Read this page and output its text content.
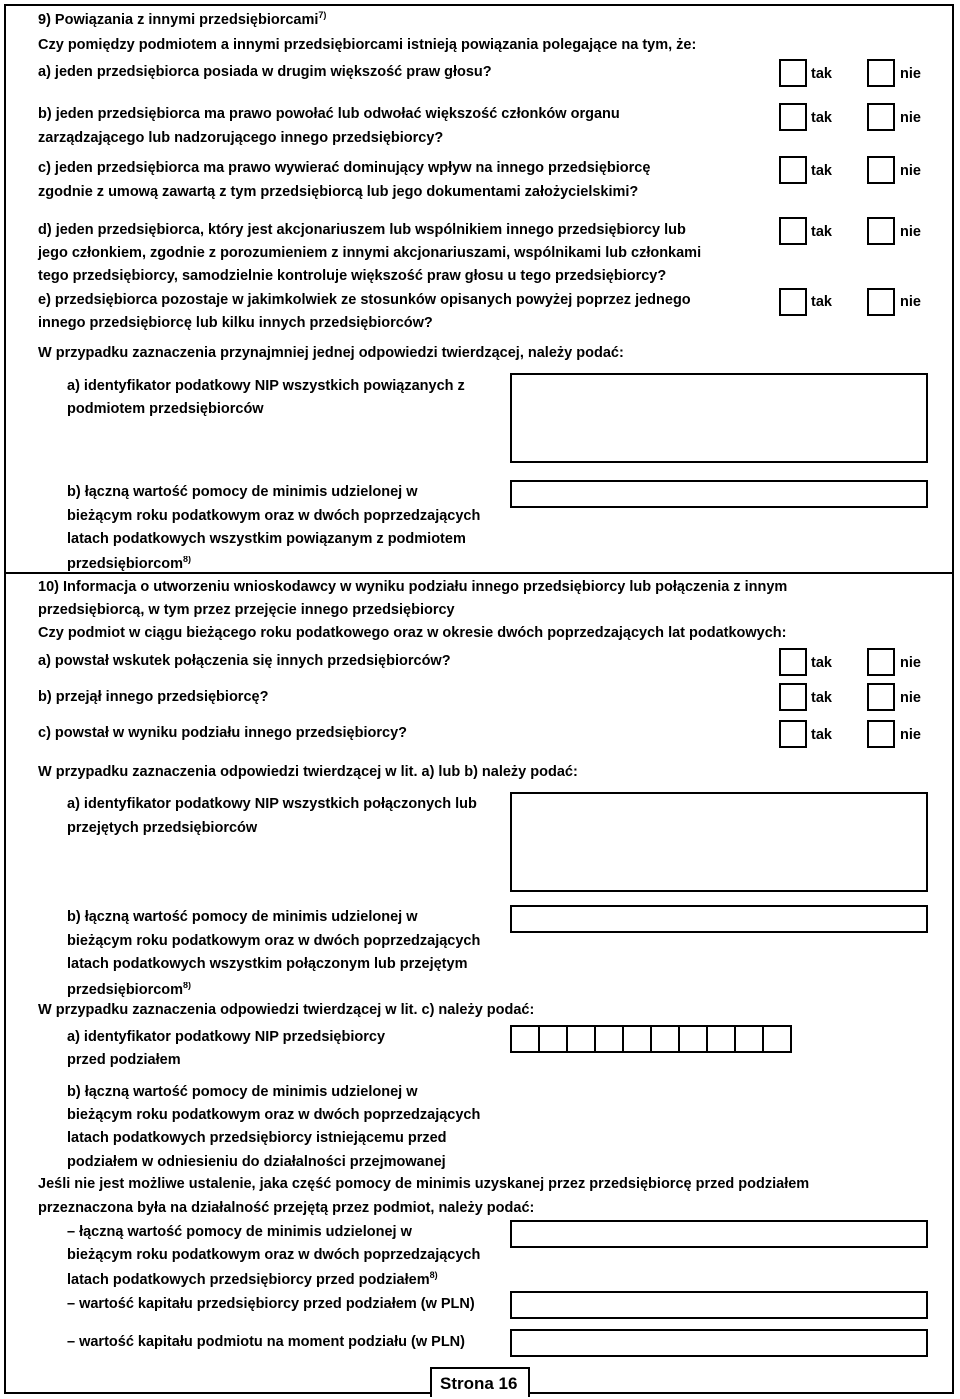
9) Powiązania z innymi przedsiębiorcami$^{7)}$
Czy pomiędzy podmiotem a innymi przedsiębiorcami istnieją powiązania polegające na tym, że:
a) jeden przedsiębiorca posiada w drugim większość praw głosu?	tak	nie
b) jeden przedsiębiorca ma prawo powołać lub odwołać większość członków organu
zarządzającego lub nadzorującego innego przedsiębiorcy?
tak	nie
c) jeden przedsiębiorca ma prawo wywierać dominujący wpływ na innego przedsiębiorcę
zgodnie z umową zawartą z tym przedsiębiorcą lub jego dokumentami założycielskimi?
tak	nie
d) jeden przedsiębiorca, który jest akcjonariuszem lub wspólnikiem innego przedsiębiorcy lub
jego członkiem, zgodnie z porozumieniem z innymi akcjonariuszami, wspólnikami lub członkami
tego przedsiębiorcy, samodzielnie kontroluje większość praw głosu u tego przedsiębiorcy?
tak	nie
e) przedsiębiorca pozostaje w jakimkolwiek ze stosunków opisanych powyżej poprzez jednego
innego przedsiębiorcę lub kilku innych przedsiębiorców?
tak	nie
W przypadku zaznaczenia przynajmniej jednej odpowiedzi twierdzącej, należy podać:
a) identyfikator podatkowy NIP wszystkich powiązanych z
podmiotem przedsiębiorców
b) łączną wartość pomocy de minimis udzielonej w
bieżącym roku podatkowym oraz w dwóch poprzedzających
latach podatkowych wszystkim powiązanym z podmiotem
przedsiębiorcom$^{8)}$
10) Informacja o utworzeniu wnioskodawcy w wyniku podziału innego przedsiębiorcy lub połączenia z innym
przedsiębiorcą, w tym przez przejęcie innego przedsiębiorcy
Czy podmiot w ciągu bieżącego roku podatkowego oraz w okresie dwóch poprzedzających lat podatkowych:
a) powstał wskutek połączenia się innych przedsiębiorców?	tak	nie
b) przejął innego przedsiębiorcę?	tak	nie
c) powstał w wyniku podziału innego przedsiębiorcy?	tak	nie
W przypadku zaznaczenia odpowiedzi twierdzącej w lit. a) lub b) należy podać:
a) identyfikator podatkowy NIP wszystkich połączonych lub
przejętych przedsiębiorców
b) łączną wartość pomocy de minimis udzielonej w
bieżącym roku podatkowym oraz w dwóch poprzedzających
latach podatkowych wszystkim połączonym lub przejętym
przedsiębiorcom$^{8)}$
W przypadku zaznaczenia odpowiedzi twierdzącej w lit. c) należy podać:
a) identyfikator podatkowy NIP przedsiębiorcy
przed podziałem
b) łączną wartość pomocy de minimis udzielonej w
bieżącym roku podatkowym oraz w dwóch poprzedzających
latach podatkowych przedsiębiorcy istniejącemu przed
podziałem w odniesieniu do działalności przejmowanej
Jeśli nie jest możliwe ustalenie, jaka część pomocy de minimis uzyskanej przez przedsiębiorcę przed podziałem
przeznaczona była na działalność przejętą przez podmiot, należy podać:
– łączną wartość pomocy de minimis udzielonej w
bieżącym roku podatkowym oraz w dwóch poprzedzających
latach podatkowych przedsiębiorcy przed podziałem$^{8)}$
– wartość kapitału przedsiębiorcy przed podziałem (w PLN)
– wartość kapitału podmiotu na moment podziału (w PLN)
Strona 16
